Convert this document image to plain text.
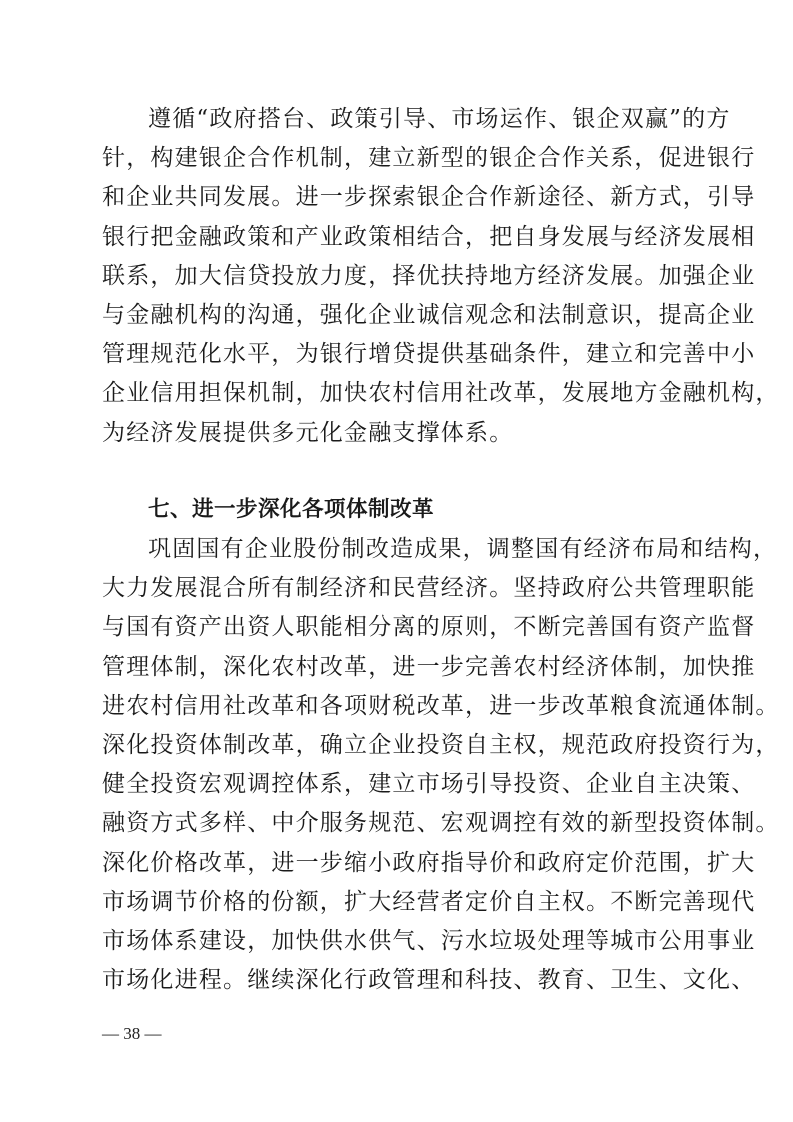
遵循“政府搭台、政策引导、市场运作、银企双赢”的方
针，构建银企合作机制，建立新型的银企合作关系，促进银行
和企业共同发展。进一步探索银企合作新途径、新方式，引导
银行把金融政策和产业政策相结合，把自身发展与经济发展相
联系，加大信贷投放力度，择优扶持地方经济发展。加强企业
与金融机构的沟通，强化企业诚信观念和法制意识，提高企业
管理规范化水平，为银行增贷提供基础条件，建立和完善中小
企业信用担保机制，加快农村信用社改革，发展地方金融机构，
为经济发展提供多元化金融支撑体系。
七、进一步深化各项体制改革
巩固国有企业股份制改造成果，调整国有经济布局和结构，
大力发展混合所有制经济和民营经济。坚持政府公共管理职能
与国有资产出资人职能相分离的原则，不断完善国有资产监督
管理体制，深化农村改革，进一步完善农村经济体制，加快推
进农村信用社改革和各项财税改革，进一步改革粮食流通体制。
深化投资体制改革，确立企业投资自主权，规范政府投资行为，
健全投资宏观调控体系，建立市场引导投资、企业自主决策、
融资方式多样、中介服务规范、宏观调控有效的新型投资体制。
深化价格改革，进一步缩小政府指导价和政府定价范围，扩大
市场调节价格的份额，扩大经营者定价自主权。不断完善现代
市场体系建设，加快供水供气、污水垃圾处理等城市公用事业
市场化进程。继续深化行政管理和科技、教育、卫生、文化、
— 38 —
